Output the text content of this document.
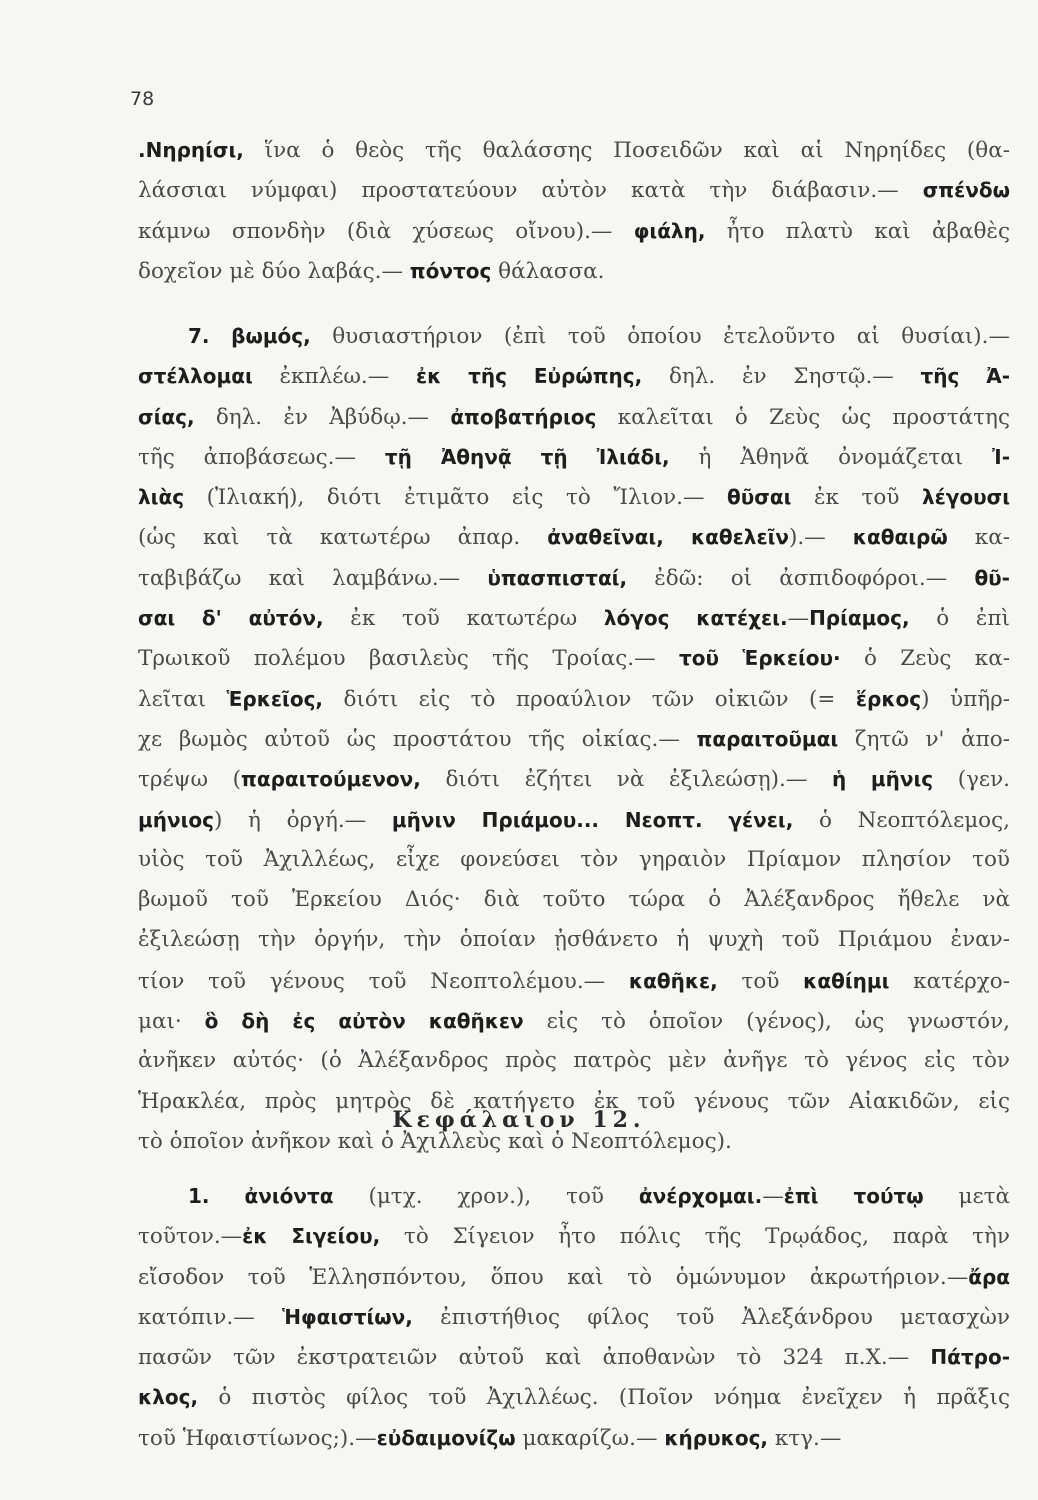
78
.Νηρηίσι, ἵνα ὁ θεὸς τῆς θαλάσσης Ποσειδῶν καὶ αἱ Νηρηίδες (θα-
λάσσιαι νύμφαι) προστατεύουν αὐτὸν κατὰ τὴν διάβασιν.— σπένδω
κάμνω σπονδὴν (διὰ χύσεως οἴνου).— φιάλη, ἦτο πλατὺ καὶ ἀβαθὲς
δοχεῖον μὲ δύο λαβάς.— πόντος θάλασσα.
7. βωμός, θυσιαστήριον (ἐπὶ τοῦ ὁποίου ἐτελοῦντο αἱ θυσίαι).—
στέλλομαι ἐκπλέω.— ἐκ τῆς Εὐρώπης, δηλ. ἐν Σηστῷ.— τῆς Ἀ-
σίας, δηλ. ἐν Ἀβύδῳ.— ἀποβατήριος καλεῖται ὁ Ζεὺς ὡς προστάτης
τῆς ἀποβάσεως.— τῇ Ἀθηνᾷ τῇ Ἰλιάδι, ἡ Ἀθηνᾶ ὀνομάζεται Ἰ-
λιὰς (Ἰλιακή), διότι ἐτιμᾶτο εἰς τὸ Ἴλιον.— θῦσαι ἐκ τοῦ λέγουσι
(ὡς καὶ τὰ κατωτέρω ἀπαρ. ἀναθεῖναι, καθελεῖν).— καθαιρῶ κα-
ταβιβάζω καὶ λαμβάνω.— ὑπασπισταί, ἐδῶ: οἱ ἀσπιδοφόροι.— θῦ-
σαι δ' αὐτόν, ἐκ τοῦ κατωτέρω λόγος κατέχει.—Πρίαμος, ὁ ἐπὶ
Τρωικοῦ πολέμου βασιλεὺς τῆς Τροίας.— τοῦ Ἑρκείου· ὁ Ζεὺς κα-
λεῖται Ἑρκεῖος, διότι εἰς τὸ προαύλιον τῶν οἰκιῶν (= ἕρκος) ὑπῆρ-
χε βωμὸς αὐτοῦ ὡς προστάτου τῆς οἰκίας.— παραιτοῦμαι ζητῶ ν' ἀπο-
τρέψω (παραιτούμενον, διότι ἐζήτει νὰ ἐξιλεώσῃ).— ἡ μῆνις (γεν.
μήνιος) ἡ ὀργή.— μῆνιν Πριάμου... Νεοπτ. γένει, ὁ Νεοπτόλεμος,
υἱὸς τοῦ Ἀχιλλέως, εἶχε φονεύσει τὸν γηραιὸν Πρίαμον πλησίον τοῦ
βωμοῦ τοῦ Ἑρκείου Διός· διὰ τοῦτο τώρα ὁ Ἀλέξανδρος ἤθελε νὰ
ἐξιλεώσῃ τὴν ὀργήν, τὴν ὁποίαν ᾐσθάνετο ἡ ψυχὴ τοῦ Πριάμου ἐναν-
τίον τοῦ γένους τοῦ Νεοπτολέμου.— καθῆκε, τοῦ καθίημι κατέρχο-
μαι· ὃ δὴ ἐς αὐτὸν καθῆκεν εἰς τὸ ὁποῖον (γένος), ὡς γνωστόν,
ἀνῆκεν αὐτός· (ὁ Ἀλέξανδρος πρὸς πατρὸς μὲν ἀνῆγε τὸ γένος εἰς τὸν
Ἡρακλέα, πρὸς μητρὸς δὲ κατήγετο ἐκ τοῦ γένους τῶν Αἰακιδῶν, εἰς
τὸ ὁποῖον ἀνῆκον καὶ ὁ Ἀχιλλεὺς καὶ ὁ Νεοπτόλεμος).
Κεφάλαιον 12.
1. ἀνιόντα (μτχ. χρον.), τοῦ ἀνέρχομαι.—ἐπὶ τούτῳ μετὰ
τοῦτον.—ἐκ Σιγείου, τὸ Σίγειον ἦτο πόλις τῆς Τρῳάδος, παρὰ τὴν
εἴσοδον τοῦ Ἑλλησπόντου, ὅπου καὶ τὸ ὁμώνυμον ἀκρωτήριον.—ἄρα
κατόπιν.— Ἡφαιστίων, ἐπιστήθιος φίλος τοῦ Ἀλεξάνδρου μετασχὼν
πασῶν τῶν ἐκστρατειῶν αὐτοῦ καὶ ἀποθανὼν τὸ 324 π.Χ.— Πάτρο-
κλος, ὁ πιστὸς φίλος τοῦ Ἀχιλλέως. (Ποῖον νόημα ἐνεῖχεν ἡ πρᾶξις
τοῦ Ἡφαιστίωνος;).—εὐδαιμονίζω μακαρίζω.— κήρυκος, κτγ.—
